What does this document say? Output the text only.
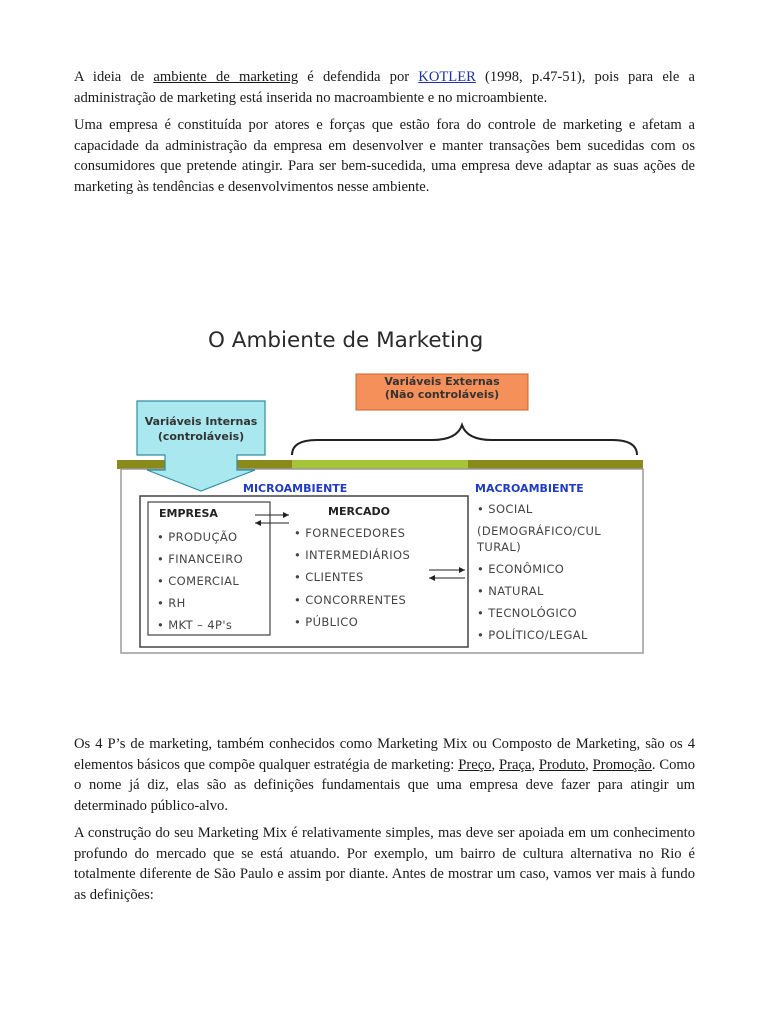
A ideia de ambiente de marketing é defendida por KOTLER (1998, p.47-51), pois para ele a administração de marketing está inserida no macroambiente e no microambiente.

Uma empresa é constituída por atores e forças que estão fora do controle de marketing e afetam a capacidade da administração da empresa em desenvolver e manter transações bem sucedidas com os consumidores que pretende atingir. Para ser bem-sucedida, uma empresa deve adaptar as suas ações de marketing às tendências e desenvolvimentos nesse ambiente.

O Ambiente de Marketing
Variáveis Externas
(Não controláveis)
Variáveis Internas
(controláveis)
MICROAMBIENTE	MACROAMBIENTE
EMPRESA	MERCADO
• PRODUÇÃO
• FINANCEIRO
• COMERCIAL
• RH
• MKT – 4P's
• FORNECEDORES
• INTERMEDIÁRIOS
• CLIENTES
• CONCORRENTES
• PÚBLICO
• SOCIAL
(DEMOGRÁFICO/CUL
TURAL)
• ECONÔMICO
• NATURAL
• TECNOLÓGICO
• POLÍTICO/LEGAL

Os 4 P’s de marketing, também conhecidos como Marketing Mix ou Composto de Marketing, são os 4 elementos básicos que compõe qualquer estratégia de marketing: Preço, Praça, Produto, Promoção. Como o nome já diz, elas são as definições fundamentais que uma empresa deve fazer para atingir um determinado público-alvo.

A construção do seu Marketing Mix é relativamente simples, mas deve ser apoiada em um conhecimento profundo do mercado que se está atuando. Por exemplo, um bairro de cultura alternativa no Rio é totalmente diferente de São Paulo e assim por diante. Antes de mostrar um caso, vamos ver mais à fundo as definições:
